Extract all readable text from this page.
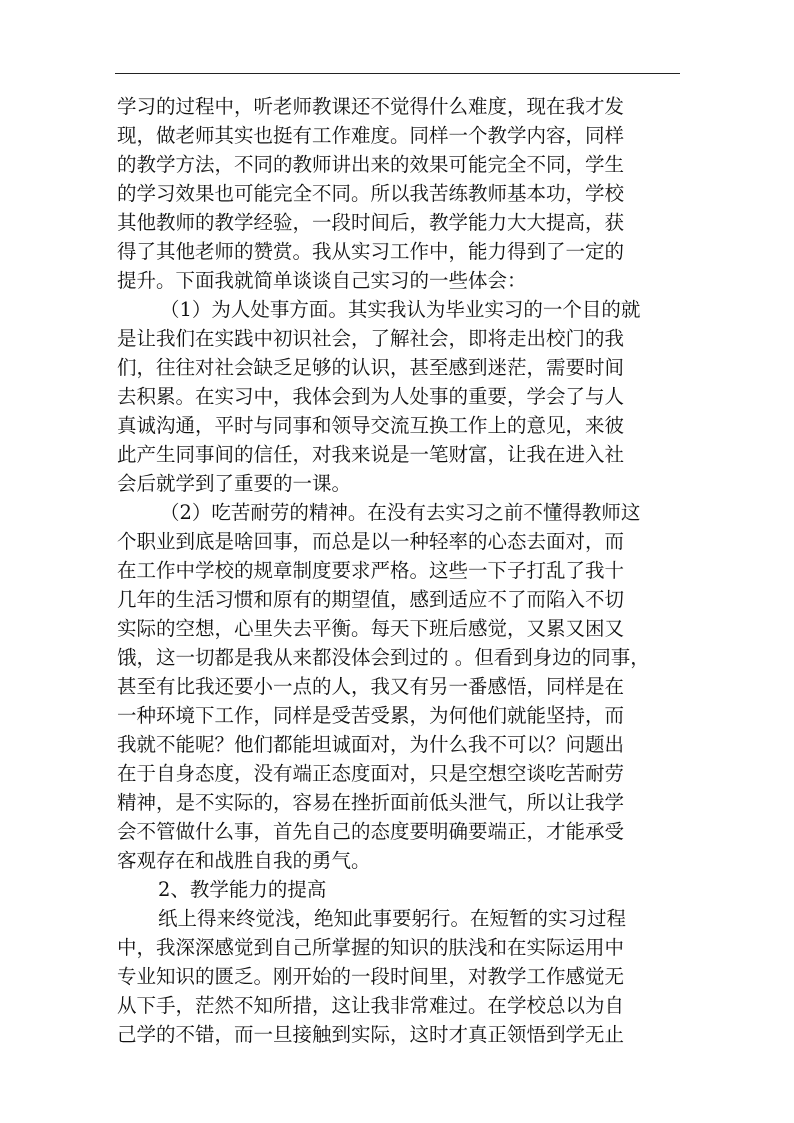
学习的过程中，听老师教课还不觉得什么难度，现在我才发
现，做老师其实也挺有工作难度。同样一个教学内容，同样
的教学方法，不同的教师讲出来的效果可能完全不同，学生
的学习效果也可能完全不同。所以我苦练教师基本功，学校
其他教师的教学经验，一段时间后，教学能力大大提高，获
得了其他老师的赞赏。我从实习工作中，能力得到了一定的
提升。下面我就简单谈谈自己实习的一些体会：
（1）为人处事方面。其实我认为毕业实习的一个目的就
是让我们在实践中初识社会，了解社会，即将走出校门的我
们，往往对社会缺乏足够的认识，甚至感到迷茫，需要时间
去积累。在实习中，我体会到为人处事的重要，学会了与人
真诚沟通，平时与同事和领导交流互换工作上的意见，来彼
此产生同事间的信任，对我来说是一笔财富，让我在进入社
会后就学到了重要的一课。
（2）吃苦耐劳的精神。在没有去实习之前不懂得教师这
个职业到底是啥回事，而总是以一种轻率的心态去面对，而
在工作中学校的规章制度要求严格。这些一下子打乱了我十
几年的生活习惯和原有的期望值，感到适应不了而陷入不切
实际的空想，心里失去平衡。每天下班后感觉，又累又困又
饿，这一切都是我从来都没体会到过的 。但看到身边的同事，
甚至有比我还要小一点的人，我又有另一番感悟，同样是在
一种环境下工作，同样是受苦受累，为何他们就能坚持，而
我就不能呢？他们都能坦诚面对，为什么我不可以？问题出
在于自身态度，没有端正态度面对，只是空想空谈吃苦耐劳
精神，是不实际的，容易在挫折面前低头泄气，所以让我学
会不管做什么事，首先自己的态度要明确要端正，才能承受
客观存在和战胜自我的勇气。
2、教学能力的提高
纸上得来终觉浅，绝知此事要躬行。在短暂的实习过程
中，我深深感觉到自己所掌握的知识的肤浅和在实际运用中
专业知识的匮乏。刚开始的一段时间里，对教学工作感觉无
从下手，茫然不知所措，这让我非常难过。在学校总以为自
己学的不错，而一旦接触到实际，这时才真正领悟到学无止
